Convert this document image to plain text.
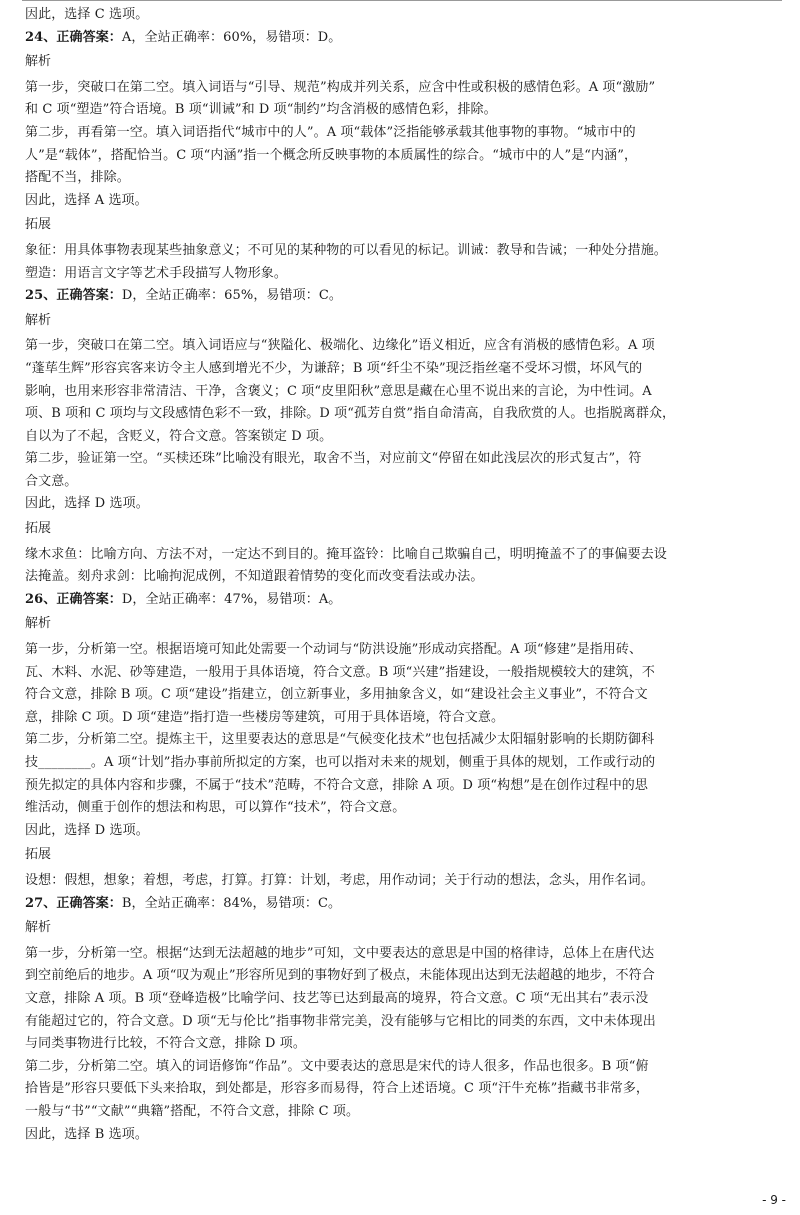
因此，选择 C 选项。
24、正确答案：A，全站正确率：60%，易错项：D。
解析
第一步，突破口在第二空。填入词语与“引导、规范”构成并列关系，应含中性或积极的感情色彩。A 项“激励”
和 C 项“塑造”符合语境。B 项“训诫”和 D 项“制约”均含消极的感情色彩，排除。
第二步，再看第一空。填入词语指代“城市中的人”。A 项“载体”泛指能够承载其他事物的事物。“城市中的
人”是“载体”，搭配恰当。C 项“内涵”指一个概念所反映事物的本质属性的综合。“城市中的人”是“内涵”，
搭配不当，排除。
因此，选择 A 选项。
拓展
象征：用具体事物表现某些抽象意义；不可见的某种物的可以看见的标记。训诫：教导和告诫；一种处分措施。
塑造：用语言文字等艺术手段描写人物形象。
25、正确答案：D，全站正确率：65%，易错项：C。
解析
第一步，突破口在第二空。填入词语应与“狭隘化、极端化、边缘化”语义相近，应含有消极的感情色彩。A 项
“蓬荜生辉”形容宾客来访令主人感到增光不少，为谦辞；B 项“纤尘不染”现泛指丝毫不受坏习惯，坏风气的
影响，也用来形容非常清洁、干净，含褒义；C 项“皮里阳秋”意思是藏在心里不说出来的言论，为中性词。A
项、B 项和 C 项均与文段感情色彩不一致，排除。D 项“孤芳自赏”指自命清高，自我欣赏的人。也指脱离群众，
自以为了不起，含贬义，符合文意。答案锁定 D 项。
第二步，验证第一空。“买椟还珠”比喻没有眼光，取舍不当，对应前文“停留在如此浅层次的形式复古”，符
合文意。
因此，选择 D 选项。
拓展
缘木求鱼：比喻方向、方法不对，一定达不到目的。掩耳盗铃：比喻自己欺骗自己，明明掩盖不了的事偏要去设
法掩盖。刻舟求剑：比喻拘泥成例，不知道跟着情势的变化而改变看法或办法。
26、正确答案：D，全站正确率：47%，易错项：A。
解析
第一步，分析第一空。根据语境可知此处需要一个动词与“防洪设施”形成动宾搭配。A 项“修建”是指用砖、
瓦、木料、水泥、砂等建造，一般用于具体语境，符合文意。B 项“兴建”指建设，一般指规模较大的建筑，不
符合文意，排除 B 项。C 项“建设”指建立，创立新事业，多用抽象含义，如“建设社会主义事业”，不符合文
意，排除 C 项。D 项“建造”指打造一些楼房等建筑，可用于具体语境，符合文意。
第二步，分析第二空。提炼主干，这里要表达的意思是“气候变化技术”也包括减少太阳辐射影响的长期防御科
技________。A 项“计划”指办事前所拟定的方案，也可以指对未来的规划，侧重于具体的规划，工作或行动的
预先拟定的具体内容和步骤，不属于“技术”范畴，不符合文意，排除 A 项。D 项“构想”是在创作过程中的思
维活动，侧重于创作的想法和构思，可以算作“技术”，符合文意。
因此，选择 D 选项。
拓展
设想：假想，想象；着想，考虑，打算。打算：计划，考虑，用作动词；关于行动的想法，念头，用作名词。
27、正确答案：B，全站正确率：84%，易错项：C。
解析
第一步，分析第一空。根据“达到无法超越的地步”可知，文中要表达的意思是中国的格律诗，总体上在唐代达
到空前绝后的地步。A 项“叹为观止”形容所见到的事物好到了极点，未能体现出达到无法超越的地步，不符合
文意，排除 A 项。B 项“登峰造极”比喻学问、技艺等已达到最高的境界，符合文意。C 项“无出其右”表示没
有能超过它的，符合文意。D 项“无与伦比”指事物非常完美，没有能够与它相比的同类的东西，文中未体现出
与同类事物进行比较，不符合文意，排除 D 项。
第二步，分析第二空。填入的词语修饰“作品”。文中要表达的意思是宋代的诗人很多，作品也很多。B 项“俯
拾皆是”形容只要低下头来拾取，到处都是，形容多而易得，符合上述语境。C 项“汗牛充栋”指藏书非常多，
一般与“书”“文献”“典籍”搭配，不符合文意，排除 C 项。
因此，选择 B 选项。
- 9 -
